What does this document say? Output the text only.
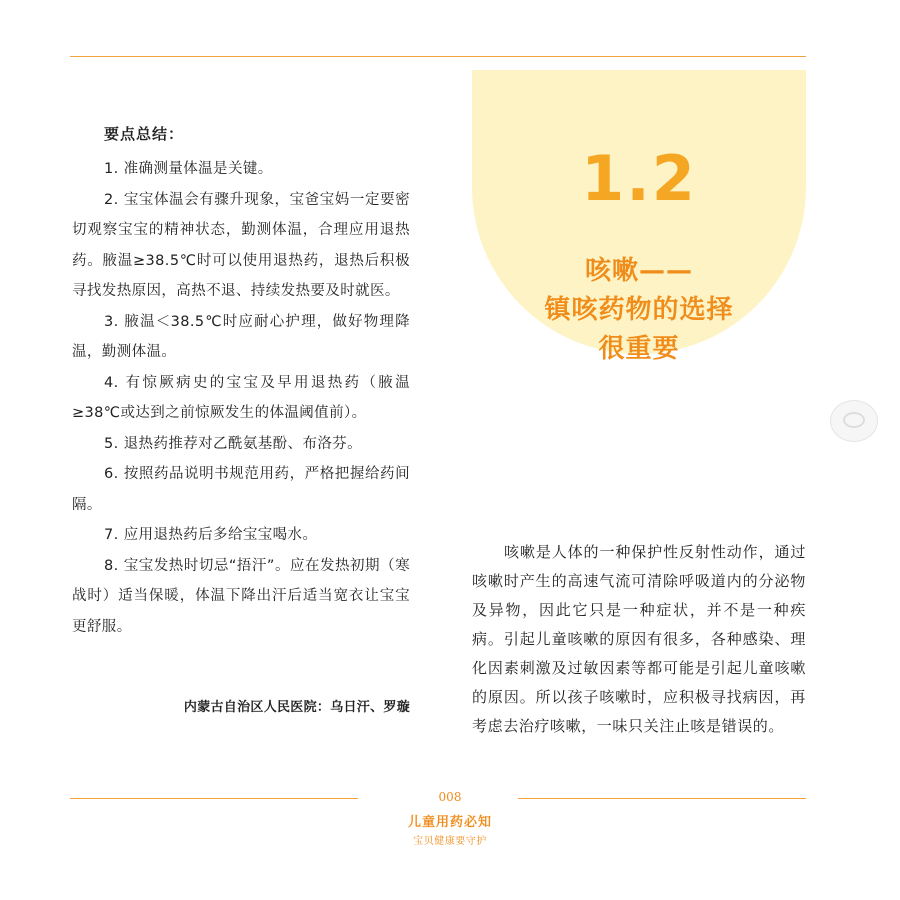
要点总结：

1. 准确测量体温是关键。

2. 宝宝体温会有骤升现象，宝爸宝妈一定要密切观察宝宝的精神状态，勤测体温，合理应用退热药。腋温≥38.5℃时可以使用退热药，退热后积极寻找发热原因，高热不退、持续发热要及时就医。

3. 腋温＜38.5℃时应耐心护理，做好物理降温，勤测体温。

4. 有惊厥病史的宝宝及早用退热药（腋温≥38℃或达到之前惊厥发生的体温阈值前）。

5. 退热药推荐对乙酰氨基酚、布洛芬。

6. 按照药品说明书规范用药，严格把握给药间隔。

7. 应用退热药后多给宝宝喝水。

8. 宝宝发热时切忌“捂汗”。应在发热初期（寒战时）适当保暖，体温下降出汗后适当宽衣让宝宝更舒服。

内蒙古自治区人民医院：乌日汗、罗璇
1.2
咳嗽——
镇咳药物的选择
很重要

咳嗽是人体的一种保护性反射性动作，通过咳嗽时产生的高速气流可清除呼吸道内的分泌物及异物，因此它只是一种症状，并不是一种疾病。引起儿童咳嗽的原因有很多，各种感染、理化因素刺激及过敏因素等都可能是引起儿童咳嗽的原因。所以孩子咳嗽时，应积极寻找病因，再考虑去治疗咳嗽，一味只关注止咳是错误的。

008
儿童用药必知
宝贝健康要守护
